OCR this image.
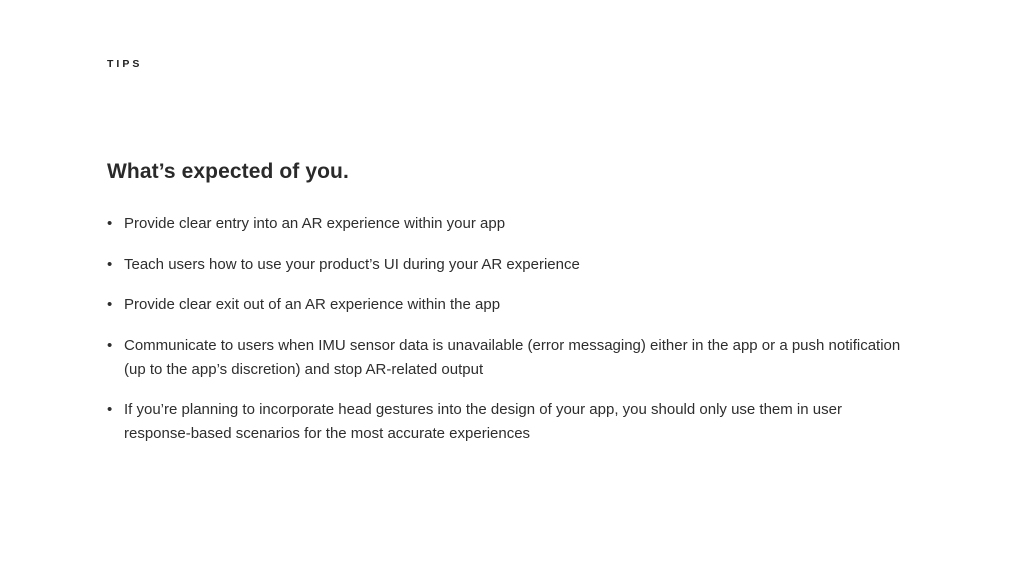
TIPS
What’s expected of you.
• Provide clear entry into an AR experience within your app
• Teach users how to use your product’s UI during your AR experience
• Provide clear exit out of an AR experience within the app
• Communicate to users when IMU sensor data is unavailable (error messaging) either in the app or a push notification (up to the app’s discretion) and stop AR-related output
• If you’re planning to incorporate head gestures into the design of your app, you should only use them in user response-based scenarios for the most accurate experiences
